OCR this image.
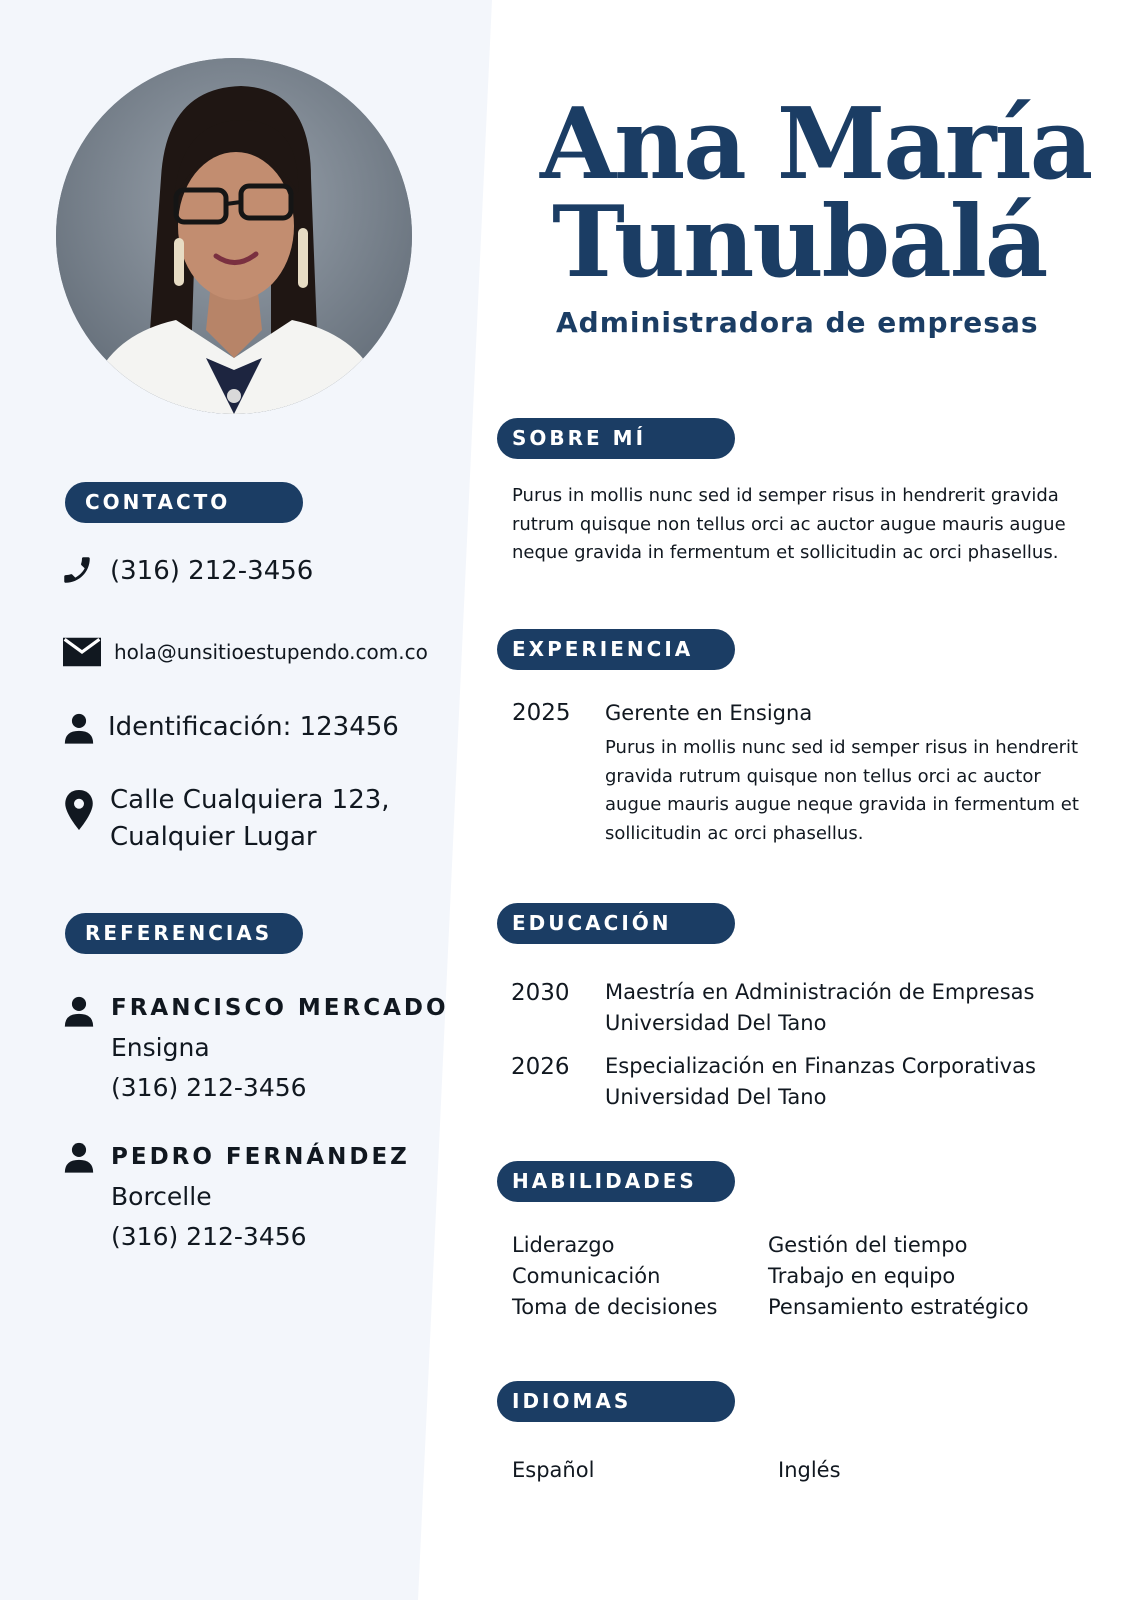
Ana María
Tunubalá
Administradora de empresas
CONTACTO
(316) 212-3456
hola@unsitioestupendo.com.co
Identificación: 123456
Calle Cualquiera 123,
Cualquier Lugar
REFERENCIAS
FRANCISCO MERCADO
Ensigna
(316) 212-3456
PEDRO FERNÁNDEZ
Borcelle
(316) 212-3456
SOBRE MÍ
Purus in mollis nunc sed id semper risus in hendrerit gravida
rutrum quisque non tellus orci ac auctor augue mauris augue
neque gravida in fermentum et sollicitudin ac orci phasellus.
EXPERIENCIA
2025 Gerente en Ensigna
Purus in mollis nunc sed id semper risus in hendrerit
gravida rutrum quisque non tellus orci ac auctor
augue mauris augue neque gravida in fermentum et
sollicitudin ac orci phasellus.
EDUCACIÓN
2030 Maestría en Administración de Empresas
Universidad Del Tano
2026 Especialización en Finanzas Corporativas
Universidad Del Tano
HABILIDADES
Liderazgo
Comunicación
Toma de decisiones
Gestión del tiempo
Trabajo en equipo
Pensamiento estratégico
IDIOMAS
Español	Inglés
